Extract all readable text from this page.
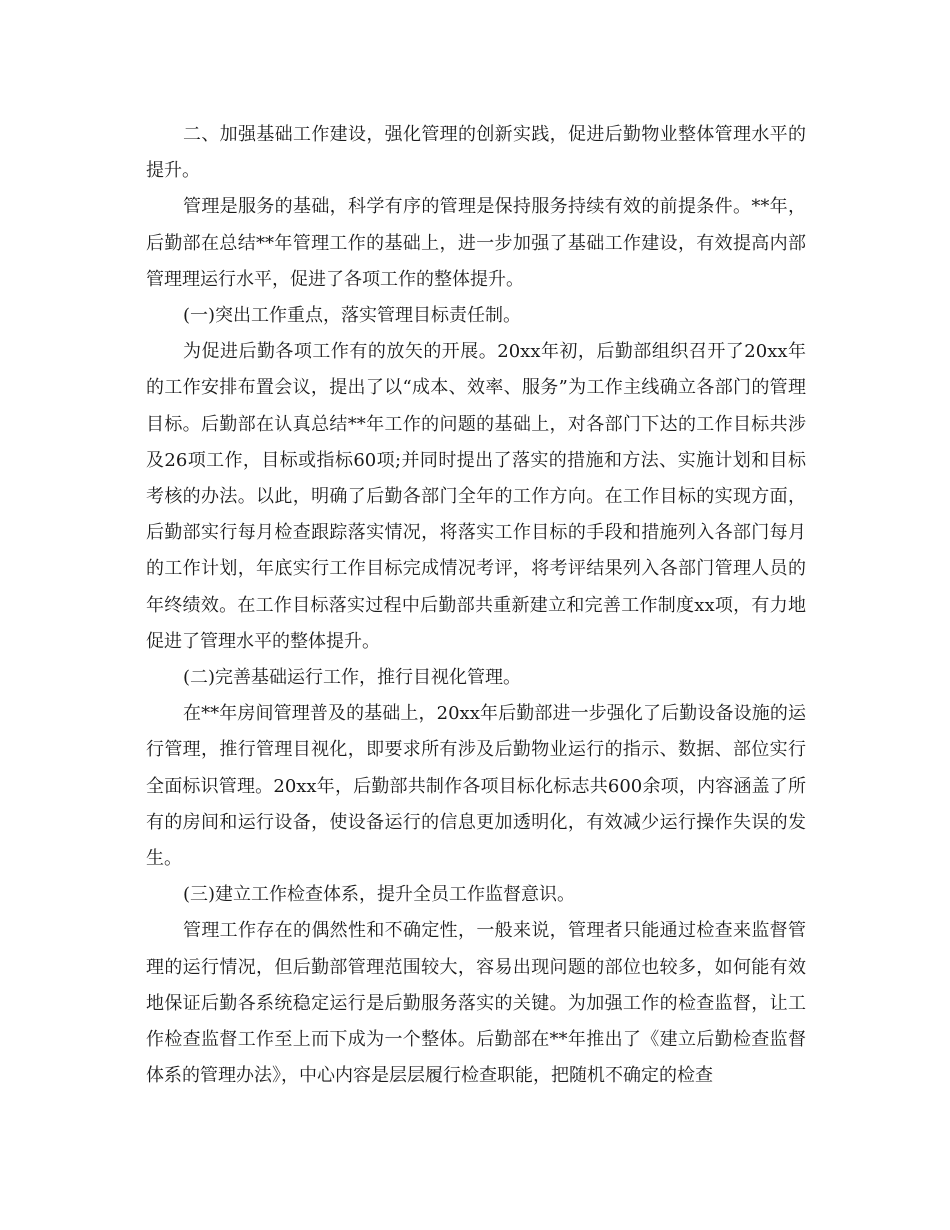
二、加强基础工作建设，强化管理的创新实践，促进后勤物业整体管理水平的提升。

管理是服务的基础，科学有序的管理是保持服务持续有效的前提条件。**年，后勤部在总结**年管理工作的基础上，进一步加强了基础工作建设，有效提高内部管理理运行水平，促进了各项工作的整体提升。

(一)突出工作重点，落实管理目标责任制。

为促进后勤各项工作有的放矢的开展。20xx年初，后勤部组织召开了20xx年的工作安排布置会议，提出了以“成本、效率、服务”为工作主线确立各部门的管理目标。后勤部在认真总结**年工作的问题的基础上，对各部门下达的工作目标共涉及26项工作，目标或指标60项;并同时提出了落实的措施和方法、实施计划和目标考核的办法。以此，明确了后勤各部门全年的工作方向。在工作目标的实现方面，后勤部实行每月检查跟踪落实情况，将落实工作目标的手段和措施列入各部门每月的工作计划，年底实行工作目标完成情况考评，将考评结果列入各部门管理人员的年终绩效。在工作目标落实过程中后勤部共重新建立和完善工作制度xx项，有力地促进了管理水平的整体提升。

(二)完善基础运行工作，推行目视化管理。

在**年房间管理普及的基础上，20xx年后勤部进一步强化了后勤设备设施的运行管理，推行管理目视化，即要求所有涉及后勤物业运行的指示、数据、部位实行全面标识管理。20xx年，后勤部共制作各项目标化标志共600余项，内容涵盖了所有的房间和运行设备，使设备运行的信息更加透明化，有效减少运行操作失误的发生。

(三)建立工作检查体系，提升全员工作监督意识。

管理工作存在的偶然性和不确定性，一般来说，管理者只能通过检查来监督管理的运行情况，但后勤部管理范围较大，容易出现问题的部位也较多，如何能有效地保证后勤各系统稳定运行是后勤服务落实的关键。为加强工作的检查监督，让工作检查监督工作至上而下成为一个整体。后勤部在**年推出了《建立后勤检查监督体系的管理办法》，中心内容是层层履行检查职能，把随机不确定的检查
